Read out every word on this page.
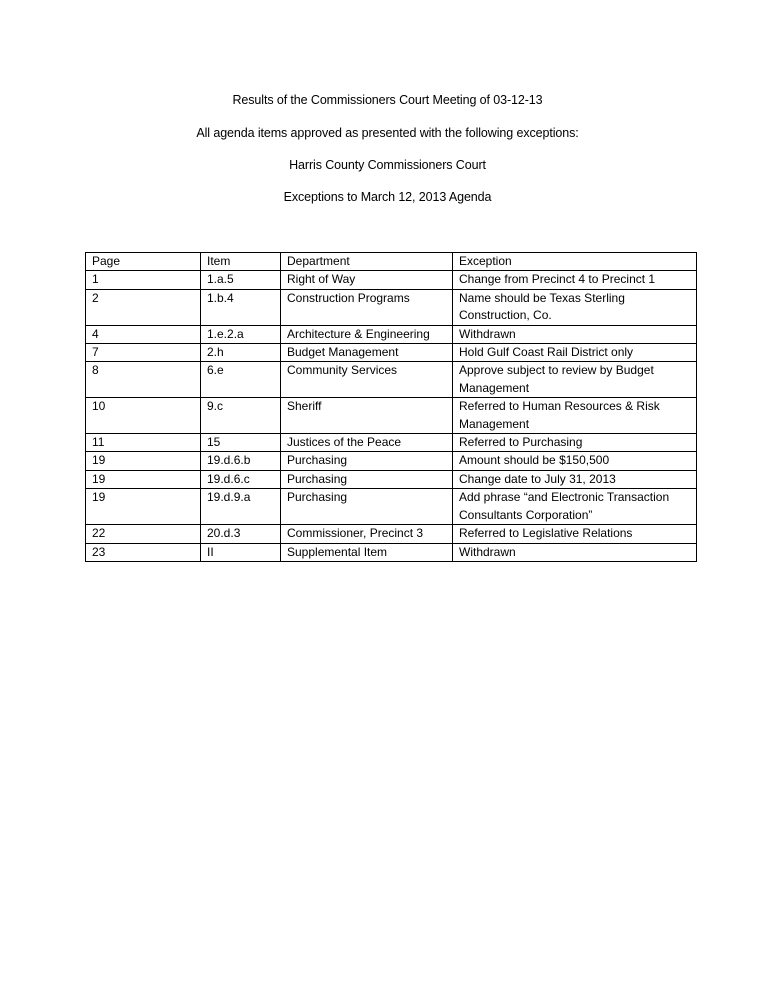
Results of the Commissioners Court Meeting of 03-12-13
All agenda items approved as presented with the following exceptions:
Harris County Commissioners Court
Exceptions to March 12, 2013 Agenda
Page	Item	Department	Exception
1	1.a.5	Right of Way	Change from Precinct 4 to Precinct 1
2	1.b.4	Construction Programs	Name should be Texas Sterling Construction, Co.
4	1.e.2.a	Architecture & Engineering	Withdrawn
7	2.h	Budget Management	Hold Gulf Coast Rail District only
8	6.e	Community Services	Approve subject to review by Budget Management
10	9.c	Sheriff	Referred to Human Resources & Risk Management
11	15	Justices of the Peace	Referred to Purchasing
19	19.d.6.b	Purchasing	Amount should be $150,500
19	19.d.6.c	Purchasing	Change date to July 31, 2013
19	19.d.9.a	Purchasing	Add phrase “and Electronic Transaction Consultants Corporation”
22	20.d.3	Commissioner, Precinct 3	Referred to Legislative Relations
23	II	Supplemental Item	Withdrawn
